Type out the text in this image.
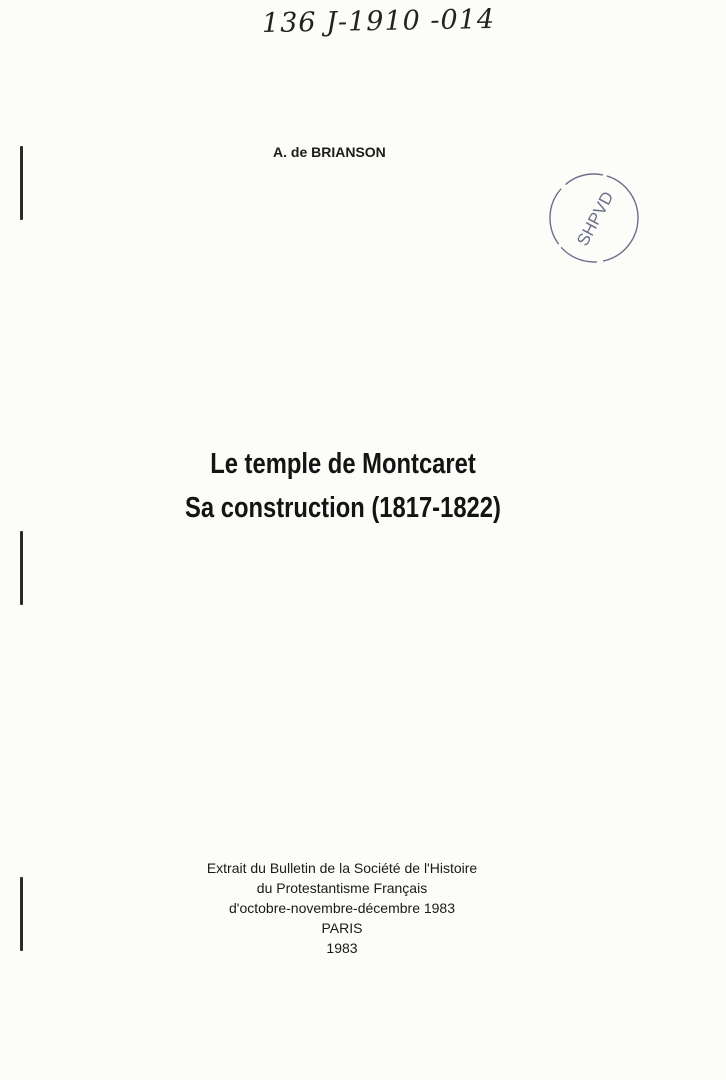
136 J-1910 -014
A. de BRIANSON
SHPVD
Le temple de Montcaret
Sa construction (1817-1822)
Extrait du Bulletin de la Société de l'Histoire
du Protestantisme Français
d'octobre-novembre-décembre 1983
PARIS
1983
